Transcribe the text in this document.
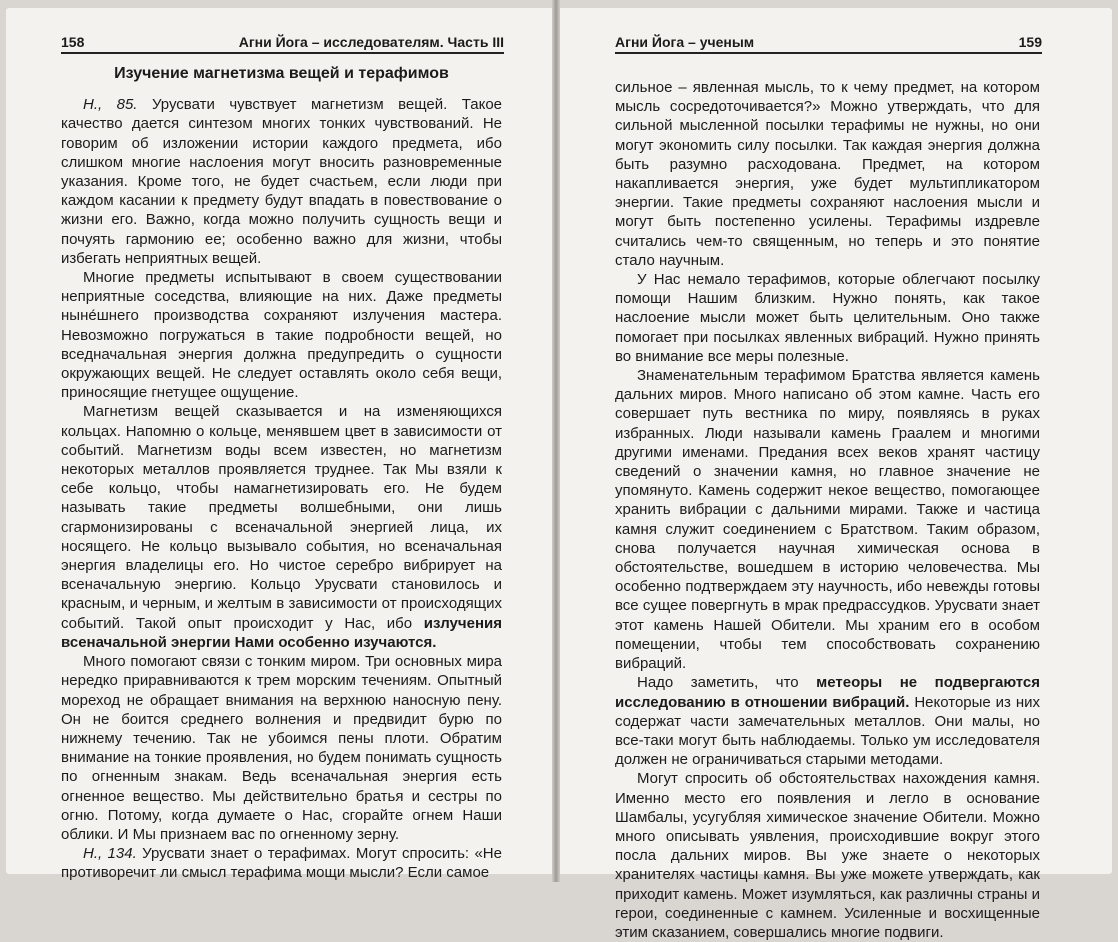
158	Агни Йога – исследователям. Часть III
Изучение магнетизма вещей и терафимов

Н., 85. Урусвати чувствует магнетизм вещей. Такое качество дается синтезом многих тонких чувствований. Не говорим об изложении истории каждого предмета, ибо слишком многие наслоения могут вносить разновременные указания. Кроме того, не будет счастьем, если люди при каждом касании к предмету будут впадать в повествование о жизни его. Важно, когда можно получить сущность вещи и почуять гармонию ее; особенно важно для жизни, чтобы избегать неприятных вещей.

Многие предметы испытывают в своем существовании неприятные соседства, влияющие на них. Даже предметы ныне́шнего производства сохраняют излучения мастера. Невозможно погружаться в такие подробности вещей, но вседначальная энергия должна предупредить о сущности окружающих вещей. Не следует оставлять около себя вещи, приносящие гнетущее ощущение.

Магнетизм вещей сказывается и на изменяющихся кольцах. Напомню о кольце, менявшем цвет в зависимости от событий. Магнетизм воды всем известен, но магнетизм некоторых металлов проявляется труднее. Так Мы взяли к себе кольцо, чтобы намагнетизировать его. Не будем называть такие предметы волшебными, они лишь сгармонизированы с всеначальной энергией лица, их носящего. Не кольцо вызывало события, но всеначальная энергия владелицы его. Но чистое серебро вибрирует на всеначальную энергию. Кольцо Урусвати становилось и красным, и черным, и желтым в зависимости от происходящих событий. Такой опыт происходит у Нас, ибо излучения всеначальной энергии Нами особенно изучаются.

Много помогают связи с тонким миром. Три основных мира нередко приравниваются к трем морским течениям. Опытный мореход не обращает внимания на верхнюю наносную пену. Он не боится среднего волнения и предвидит бурю по нижнему течению. Так не убоимся пены плоти. Обратим внимание на тонкие проявления, но будем понимать сущность по огненным знакам. Ведь всеначальная энергия есть огненное вещество. Мы действительно братья и сестры по огню. Потому, когда думаете о Нас, сгорайте огнем Наши облики. И Мы признаем вас по огненному зерну.

Н., 134. Урусвати знает о терафимах. Могут спросить: «Не противоречит ли смысл терафима мощи мысли? Если самое

Агни Йога – ученым	159

сильное – явленная мысль, то к чему предмет, на котором мысль сосредоточивается?» Можно утверждать, что для сильной мысленной посылки терафимы не нужны, но они могут экономить силу посылки. Так каждая энергия должна быть разумно расходована. Предмет, на котором накапливается энергия, уже будет мультипликатором энергии. Такие предметы сохраняют наслоения мысли и могут быть постепенно усилены. Терафимы издревле считались чем-то священным, но теперь и это понятие стало научным.

У Нас немало терафимов, которые облегчают посылку помощи Нашим близким. Нужно понять, как такое наслоение мысли может быть целительным. Оно также помогает при посылках явленных вибраций. Нужно принять во внимание все меры полезные.

Знаменательным терафимом Братства является камень дальних миров. Много написано об этом камне. Часть его совершает путь вестника по миру, появляясь в руках избранных. Люди называли камень Граалем и многими другими именами. Предания всех веков хранят частицу сведений о значении камня, но главное значение не упомянуто. Камень содержит некое вещество, помогающее хранить вибрации с дальними мирами. Также и частица камня служит соединением с Братством. Таким образом, снова получается научная химическая основа в обстоятельстве, вошедшем в историю человечества. Мы особенно подтверждаем эту научность, ибо невежды готовы все сущее повергнуть в мрак предрассудков. Урусвати знает этот камень Нашей Обители. Мы храним его в особом помещении, чтобы тем способствовать сохранению вибраций.

Надо заметить, что метеоры не подвергаются исследованию в отношении вибраций. Некоторые из них содержат части замечательных металлов. Они малы, но все-таки могут быть наблюдаемы. Только ум исследователя должен не ограничиваться старыми методами.

Могут спросить об обстоятельствах нахождения камня. Именно место его появления и легло в основание Шамбалы, усугубляя химическое значение Обители. Можно много описывать уявления, происходившие вокруг этого посла дальних миров. Вы уже знаете о некоторых хранителях частицы камня. Вы уже можете утверждать, как приходит камень. Может изумляться, как различны страны и герои, соединенные с камнем. Усиленные и восхищенные этим сказанием, совершались многие подвиги.
